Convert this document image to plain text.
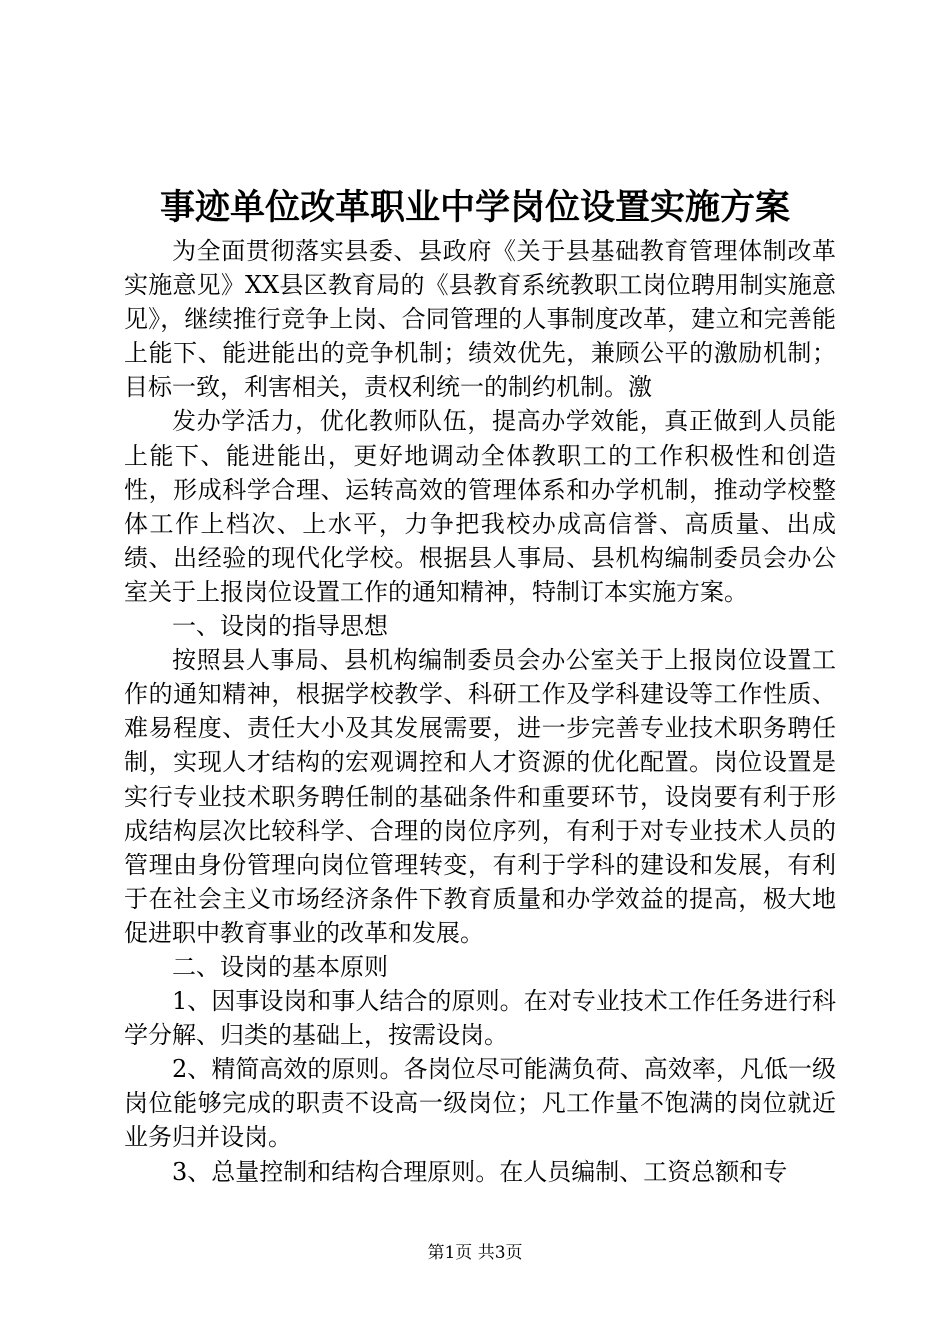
事迹单位改革职业中学岗位设置实施方案

为全面贯彻落实县委、县政府《关于县基础教育管理体制改革实施意见》XX县区教育局的《县教育系统教职工岗位聘用制实施意见》，继续推行竞争上岗、合同管理的人事制度改革，建立和完善能上能下、能进能出的竞争机制；绩效优先，兼顾公平的激励机制；目标一致，利害相关，责权利统一的制约机制。激

发办学活力，优化教师队伍，提高办学效能，真正做到人员能上能下、能进能出，更好地调动全体教职工的工作积极性和创造性，形成科学合理、运转高效的管理体系和办学机制，推动学校整体工作上档次、上水平，力争把我校办成高信誉、高质量、出成绩、出经验的现代化学校。根据县人事局、县机构编制委员会办公室关于上报岗位设置工作的通知精神，特制订本实施方案。

一、设岗的指导思想

按照县人事局、县机构编制委员会办公室关于上报岗位设置工作的通知精神，根据学校教学、科研工作及学科建设等工作性质、难易程度、责任大小及其发展需要，进一步完善专业技术职务聘任制，实现人才结构的宏观调控和人才资源的优化配置。岗位设置是实行专业技术职务聘任制的基础条件和重要环节，设岗要有利于形成结构层次比较科学、合理的岗位序列，有利于对专业技术人员的管理由身份管理向岗位管理转变，有利于学科的建设和发展，有利于在社会主义市场经济条件下教育质量和办学效益的提高，极大地促进职中教育事业的改革和发展。

二、设岗的基本原则

1、因事设岗和事人结合的原则。在对专业技术工作任务进行科学分解、归类的基础上，按需设岗。

2、精简高效的原则。各岗位尽可能满负荷、高效率，凡低一级岗位能够完成的职责不设高一级岗位；凡工作量不饱满的岗位就近业务归并设岗。

3、总量控制和结构合理原则。在人员编制、工资总额和专

第1页 共3页
